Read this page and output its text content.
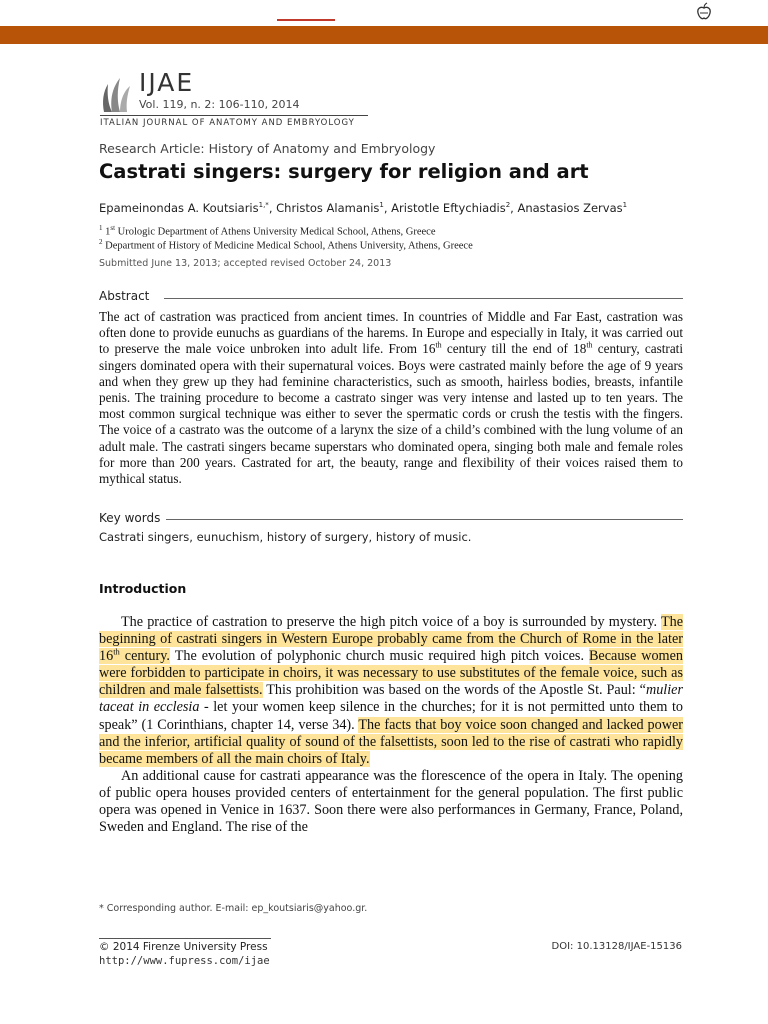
IJAE
Vol. 119, n. 2: 106-110, 2014
ITALIAN JOURNAL OF ANATOMY AND EMBRYOLOGY
Research Article: History of Anatomy and Embryology
Castrati singers: surgery for religion and art
Epameinondas A. Koutsiaris$^{1,*}$, Christos Alamanis$^1$, Aristotle Eftychiadis$^2$, Anastasios Zervas$^1$
$^1$ 1st Urologic Department of Athens University Medical School, Athens, Greece
$^2$ Department of History of Medicine Medical School, Athens University, Athens, Greece
Submitted June 13, 2013; accepted revised October 24, 2013
Abstract
The act of castration was practiced from ancient times. In countries of Middle and Far East, castration was often done to provide eunuchs as guardians of the harems. In Europe and especially in Italy, it was carried out to preserve the male voice unbroken into adult life. From 16th century till the end of 18th century, castrati singers dominated opera with their supernatural voices. Boys were castrated mainly before the age of 9 years and when they grew up they had feminine characteristics, such as smooth, hairless bodies, breasts, infantile penis. The training procedure to become a castrato singer was very intense and lasted up to ten years. The most common surgical technique was either to sever the spermatic cords or crush the testis with the fingers. The voice of a castrato was the outcome of a larynx the size of a child’s combined with the lung volume of an adult male. The castrati singers became superstars who dominated opera, singing both male and female roles for more than 200 years. Castrated for art, the beauty, range and flexibility of their voices raised them to mythical status.
Key words
Castrati singers, eunuchism, history of surgery, history of music.
Introduction

The practice of castration to preserve the high pitch voice of a boy is surrounded by mystery. The beginning of castrati singers in Western Europe probably came from the Church of Rome in the later 16th century. The evolution of polyphonic church music required high pitch voices. Because women were forbidden to participate in choirs, it was necessary to use substitutes of the female voice, such as children and male falsettists. This prohibition was based on the words of the Apostle St. Paul: “mulier taceat in ecclesia - let your women keep silence in the churches; for it is not permitted unto them to speak” (1 Corinthians, chapter 14, verse 34). The facts that boy voice soon changed and lacked power and the inferior, artificial quality of sound of the falsettists, soon led to the rise of castrati who rapidly became members of all the main choirs of Italy.

An additional cause for castrati appearance was the florescence of the opera in Italy. The opening of public opera houses provided centers of entertainment for the general population. The first public opera was opened in Venice in 1637. Soon there were also performances in Germany, France, Poland, Sweden and England. The rise of the

* Corresponding author. E-mail: ep_koutsiaris@yahoo.gr.
© 2014 Firenze University Press
http://www.fupress.com/ijae
DOI: 10.13128/IJAE-15136
